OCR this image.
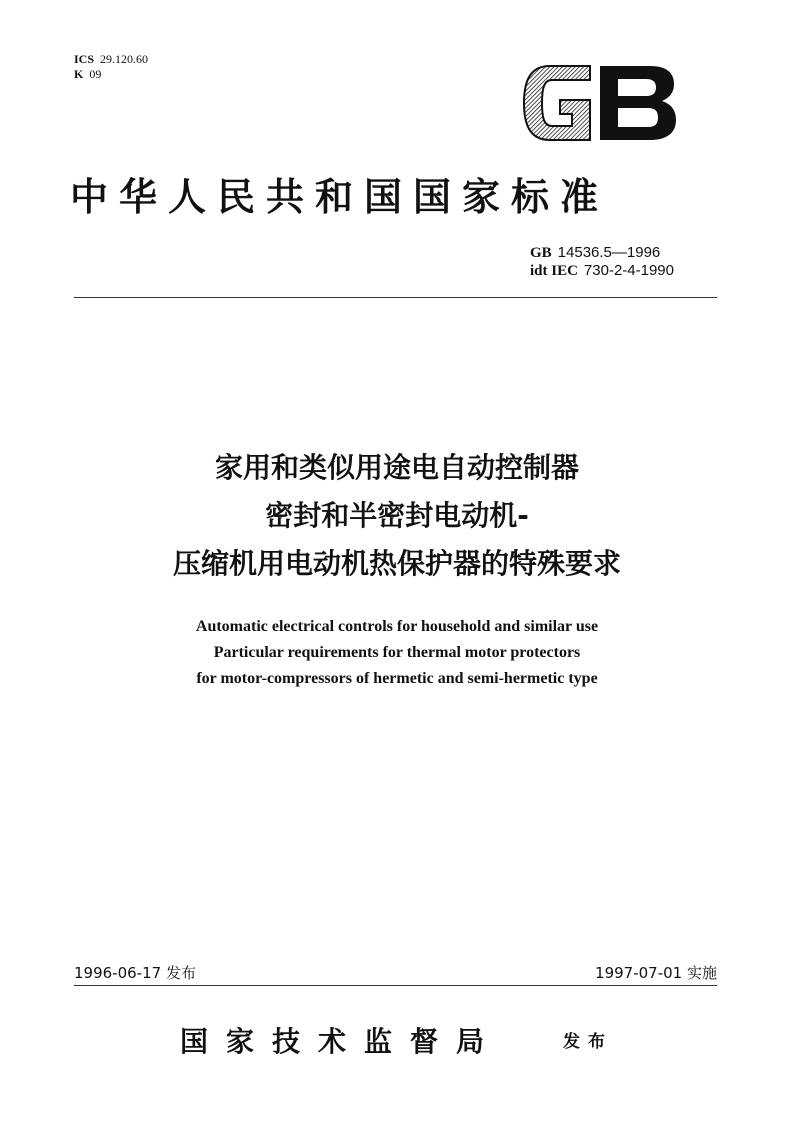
ICS 29.120.60
K 09
中华人民共和国国家标准
GB 14536.5—1996
idt IEC 730-2-4-1990
家用和类似用途电自动控制器
密封和半密封电动机-
压缩机用电动机热保护器的特殊要求
Automatic electrical controls for household and similar use
Particular requirements for thermal motor protectors
for motor-compressors of hermetic and semi-hermetic type
1996-06-17 发布	1997-07-01 实施
国家技术监督局	发布
